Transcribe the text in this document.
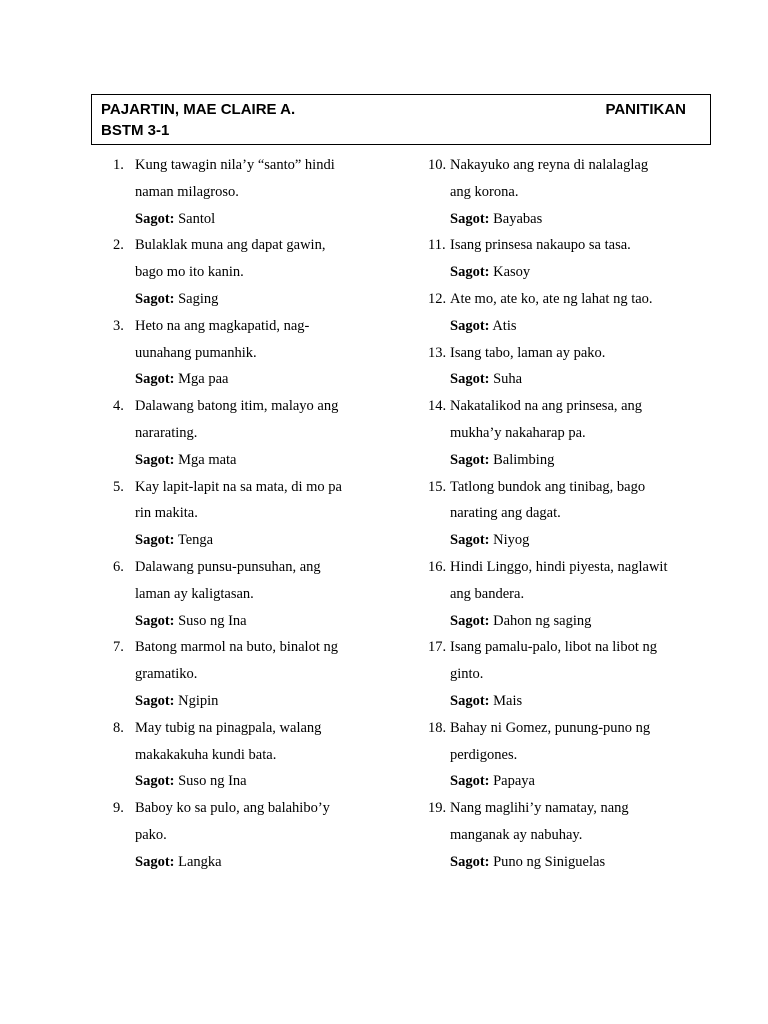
PAJARTIN, MAE CLAIRE A.
BSTM 3-1
PANITIKAN
1. Kung tawagin nila’y “santo” hindi
naman milagroso.
Sagot: Santol
2. Bulaklak muna ang dapat gawin,
bago mo ito kanin.
Sagot: Saging
3. Heto na ang magkapatid, nag-
uunahang pumanhik.
Sagot: Mga paa
4. Dalawang batong itim, malayo ang
nararating.
Sagot: Mga mata
5. Kay lapit-lapit na sa mata, di mo pa
rin makita.
Sagot: Tenga
6. Dalawang punsu-punsuhan, ang
laman ay kaligtasan.
Sagot: Suso ng Ina
7. Batong marmol na buto, binalot ng
gramatiko.
Sagot: Ngipin
8. May tubig na pinagpala, walang
makakakuha kundi bata.
Sagot: Suso ng Ina
9. Baboy ko sa pulo, ang balahibo’y
pako.
Sagot: Langka
10. Nakayuko ang reyna di nalalaglag
ang korona.
Sagot: Bayabas
11. Isang prinsesa nakaupo sa tasa.
Sagot: Kasoy
12. Ate mo, ate ko, ate ng lahat ng tao.
Sagot: Atis
13. Isang tabo, laman ay pako.
Sagot: Suha
14. Nakatalikod na ang prinsesa, ang
mukha’y nakaharap pa.
Sagot: Balimbing
15. Tatlong bundok ang tinibag, bago
narating ang dagat.
Sagot: Niyog
16. Hindi Linggo, hindi piyesta, naglawit
ang bandera.
Sagot: Dahon ng saging
17. Isang pamalu-palo, libot na libot ng
ginto.
Sagot: Mais
18. Bahay ni Gomez, punung-puno ng
perdigones.
Sagot: Papaya
19. Nang maglihi’y namatay, nang
manganak ay nabuhay.
Sagot: Puno ng Siniguelas
